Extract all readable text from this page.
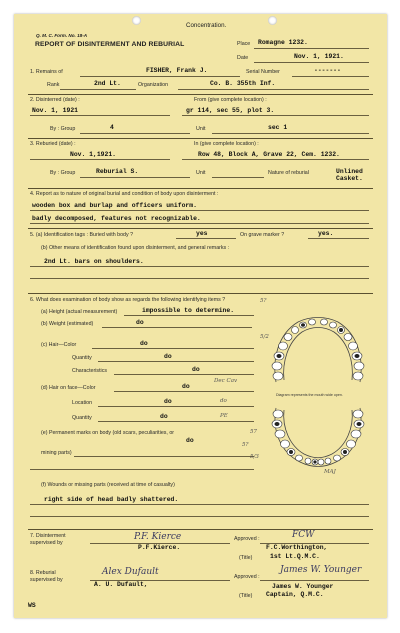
Concentration.
Q. M. C. Form. No. 18-A
REPORT OF DISINTERMENT AND REBURIAL	Place Romagne 1232.
Date	Nov. 1, 1921.
1. Remains of	FISHER, Frank J.	Serial Number	-------
Rank	2nd Lt.	Organization	Co. B. 355th Inf.
2. Disinterred (date) :	From (give complete location) :
Nov. 1, 1921	gr 114, sec 55, plot 3.
By : Group	4	Unit	sec 1
3. Reburied (date) :	In (give complete location) :
Nov. 1,1921.	Row 48, Block A, Grave 22, Cem. 1232.
By : Group	Reburial S.	Unit	Nature of reburial	Unlined Casket.
4. Report as to nature of original burial and condition of body upon disinterment :
wooden box and burlap and officers uniform.
badly decomposed, features not recognizable.
5. (a) Identification tags : Buried with body ?	yes	On grave marker ?	yes.
(b) Other means of identification found upon disinterment, and general remarks :
2nd Lt. bars on shoulders.
6. What does examination of body show as regards the following identifying items ?
(a) Height (actual measurement)	impossible to determine.
(b) Weight (estimated)	do
(c) Hair—Color	do
Quantity	do
Characteristics	do
(d) Hair on face—Color	do
Location	do
Quantity	do
(e) Permanent marks on body (old scars, peculiarities, or
do
mining parts)
(f) Wounds or missing parts (received at time of casualty)
right side of head badly shattered.
5/2
5?
Dec Cav
do
PE
57
5?
5/3
MAJ
Diagram represents the mouth wide open.
7. Disinterment supervised by
P.F. Kierce
P.F.Kierce.
Approved :	FCW
F.C.Worthington,
(Title)	1st Lt.Q.M.C.
8. Reburial supervised by
Alex Dufault
A. U. Dufault,
Approved :
James W. Younger
James W. Younger
(Title) Captain, Q.M.C.
WS
